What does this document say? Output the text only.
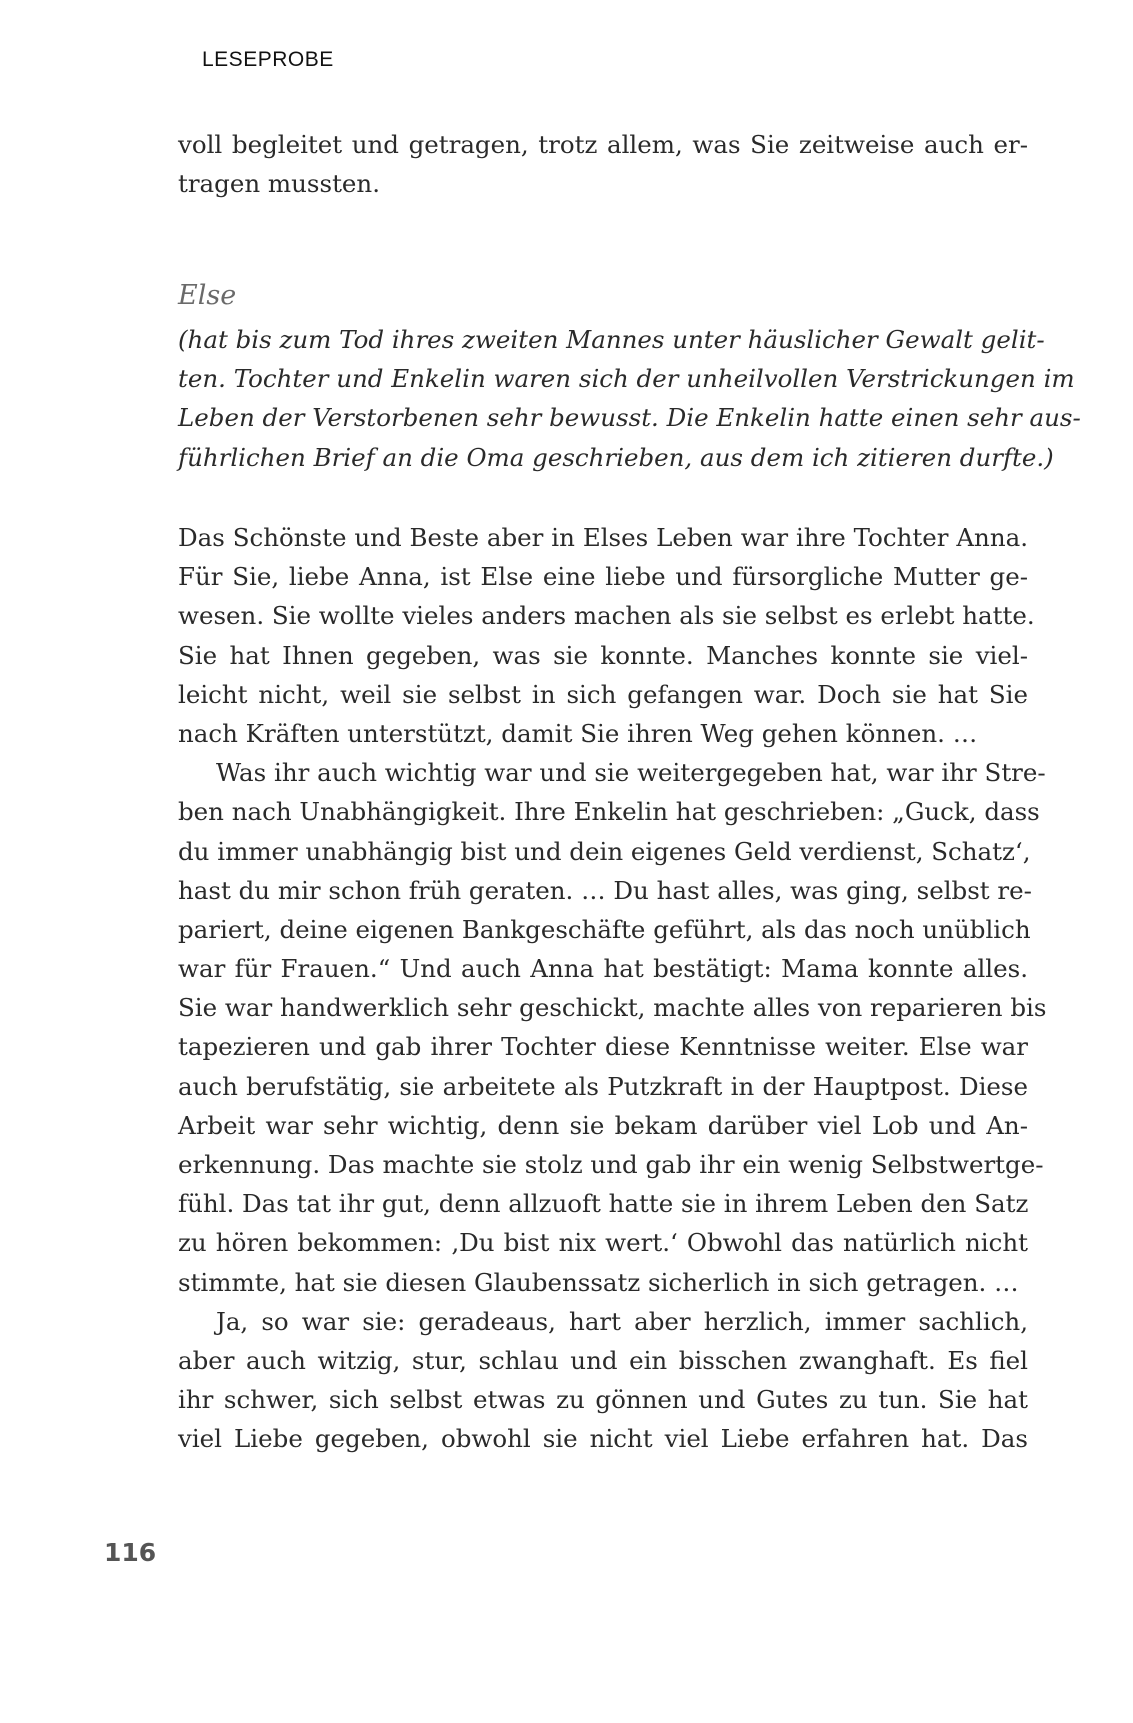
LESEPROBE
voll begleitet und getragen, trotz allem, was Sie zeitweise auch er-
tragen mussten.
Else
(hat bis zum Tod ihres zweiten Mannes unter häuslicher Gewalt gelit-
ten. Tochter und Enkelin waren sich der unheilvollen Verstrickungen im
Leben der Verstorbenen sehr bewusst. Die Enkelin hatte einen sehr aus-
führlichen Brief an die Oma geschrieben, aus dem ich zitieren durfte.)
Das Schönste und Beste aber in Elses Leben war ihre Tochter Anna.
Für Sie, liebe Anna, ist Else eine liebe und fürsorgliche Mutter ge-
wesen. Sie wollte vieles anders machen als sie selbst es erlebt hatte.
Sie hat Ihnen gegeben, was sie konnte. Manches konnte sie viel-
leicht nicht, weil sie selbst in sich gefangen war. Doch sie hat Sie
nach Kräften unterstützt, damit Sie ihren Weg gehen können. …
Was ihr auch wichtig war und sie weitergegeben hat, war ihr Stre-
ben nach Unabhängigkeit. Ihre Enkelin hat geschrieben: „Guck, dass
du immer unabhängig bist und dein eigenes Geld verdienst, Schatz‘,
hast du mir schon früh geraten. … Du hast alles, was ging, selbst re-
pariert, deine eigenen Bankgeschäfte geführt, als das noch unüblich
war für Frauen.“ Und auch Anna hat bestätigt: Mama konnte alles.
Sie war handwerklich sehr geschickt, machte alles von reparieren bis
tapezieren und gab ihrer Tochter diese Kenntnisse weiter. Else war
auch berufstätig, sie arbeitete als Putzkraft in der Hauptpost. Diese
Arbeit war sehr wichtig, denn sie bekam darüber viel Lob und An-
erkennung. Das machte sie stolz und gab ihr ein wenig Selbstwertge-
fühl. Das tat ihr gut, denn allzuoft hatte sie in ihrem Leben den Satz
zu hören bekommen: ‚Du bist nix wert.‘ Obwohl das natürlich nicht
stimmte, hat sie diesen Glaubenssatz sicherlich in sich getragen. …
Ja, so war sie: geradeaus, hart aber herzlich, immer sachlich,
aber auch witzig, stur, schlau und ein bisschen zwanghaft. Es fiel
ihr schwer, sich selbst etwas zu gönnen und Gutes zu tun. Sie hat
viel Liebe gegeben, obwohl sie nicht viel Liebe erfahren hat. Das
116
